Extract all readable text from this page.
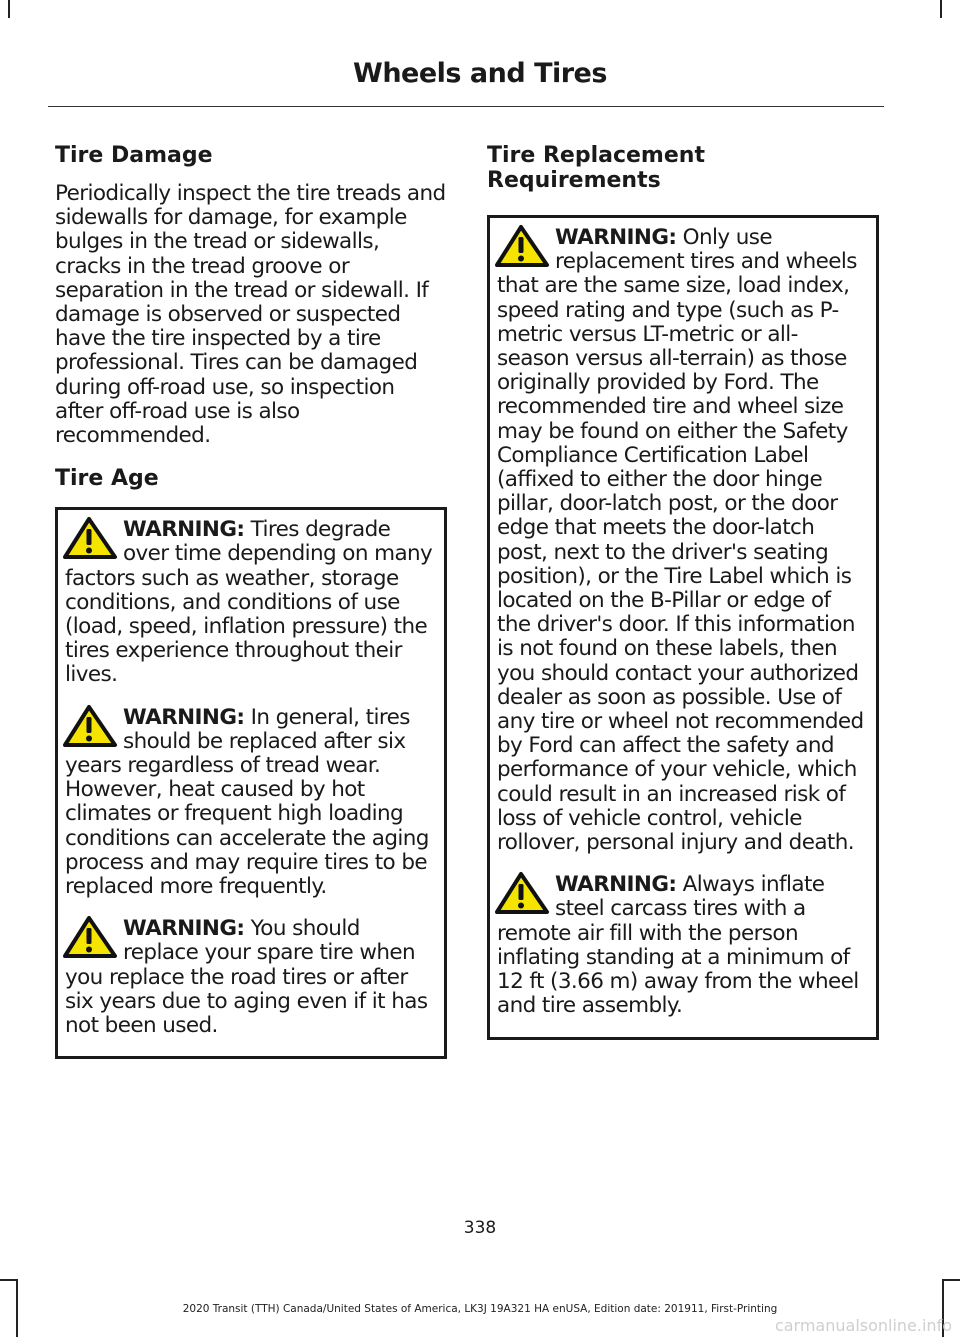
Wheels and Tires
Tire Damage

Periodically inspect the tire treads and sidewalls for damage, for example bulges in the tread or sidewalls, cracks in the tread groove or separation in the tread or sidewall. If damage is observed or suspected have the tire inspected by a tire professional. Tires can be damaged during off-road use, so inspection after off-road use is also recommended.

Tire Age

WARNING: Tires degrade over time depending on many factors such as weather, storage conditions, and conditions of use (load, speed, inflation pressure) the tires experience throughout their lives.

WARNING: In general, tires should be replaced after six years regardless of tread wear. However, heat caused by hot climates or frequent high loading conditions can accelerate the aging process and may require tires to be replaced more frequently.

WARNING: You should replace your spare tire when you replace the road tires or after six years due to aging even if it has not been used.

Tire Replacement Requirements

WARNING: Only use replacement tires and wheels that are the same size, load index, speed rating and type (such as P-metric versus LT-metric or all-season versus all-terrain) as those originally provided by Ford. The recommended tire and wheel size may be found on either the Safety Compliance Certification Label (affixed to either the door hinge pillar, door-latch post, or the door edge that meets the door-latch post, next to the driver's seating position), or the Tire Label which is located on the B-Pillar or edge of the driver's door. If this information is not found on these labels, then you should contact your authorized dealer as soon as possible. Use of any tire or wheel not recommended by Ford can affect the safety and performance of your vehicle, which could result in an increased risk of loss of vehicle control, vehicle rollover, personal injury and death.

WARNING: Always inflate steel carcass tires with a remote air fill with the person inflating standing at a minimum of 12 ft (3.66 m) away from the wheel and tire assembly.

338

2020 Transit (TTH) Canada/United States of America, LK3J 19A321 HA enUSA, Edition date: 201911, First-Printing

carmanualsonline.info
